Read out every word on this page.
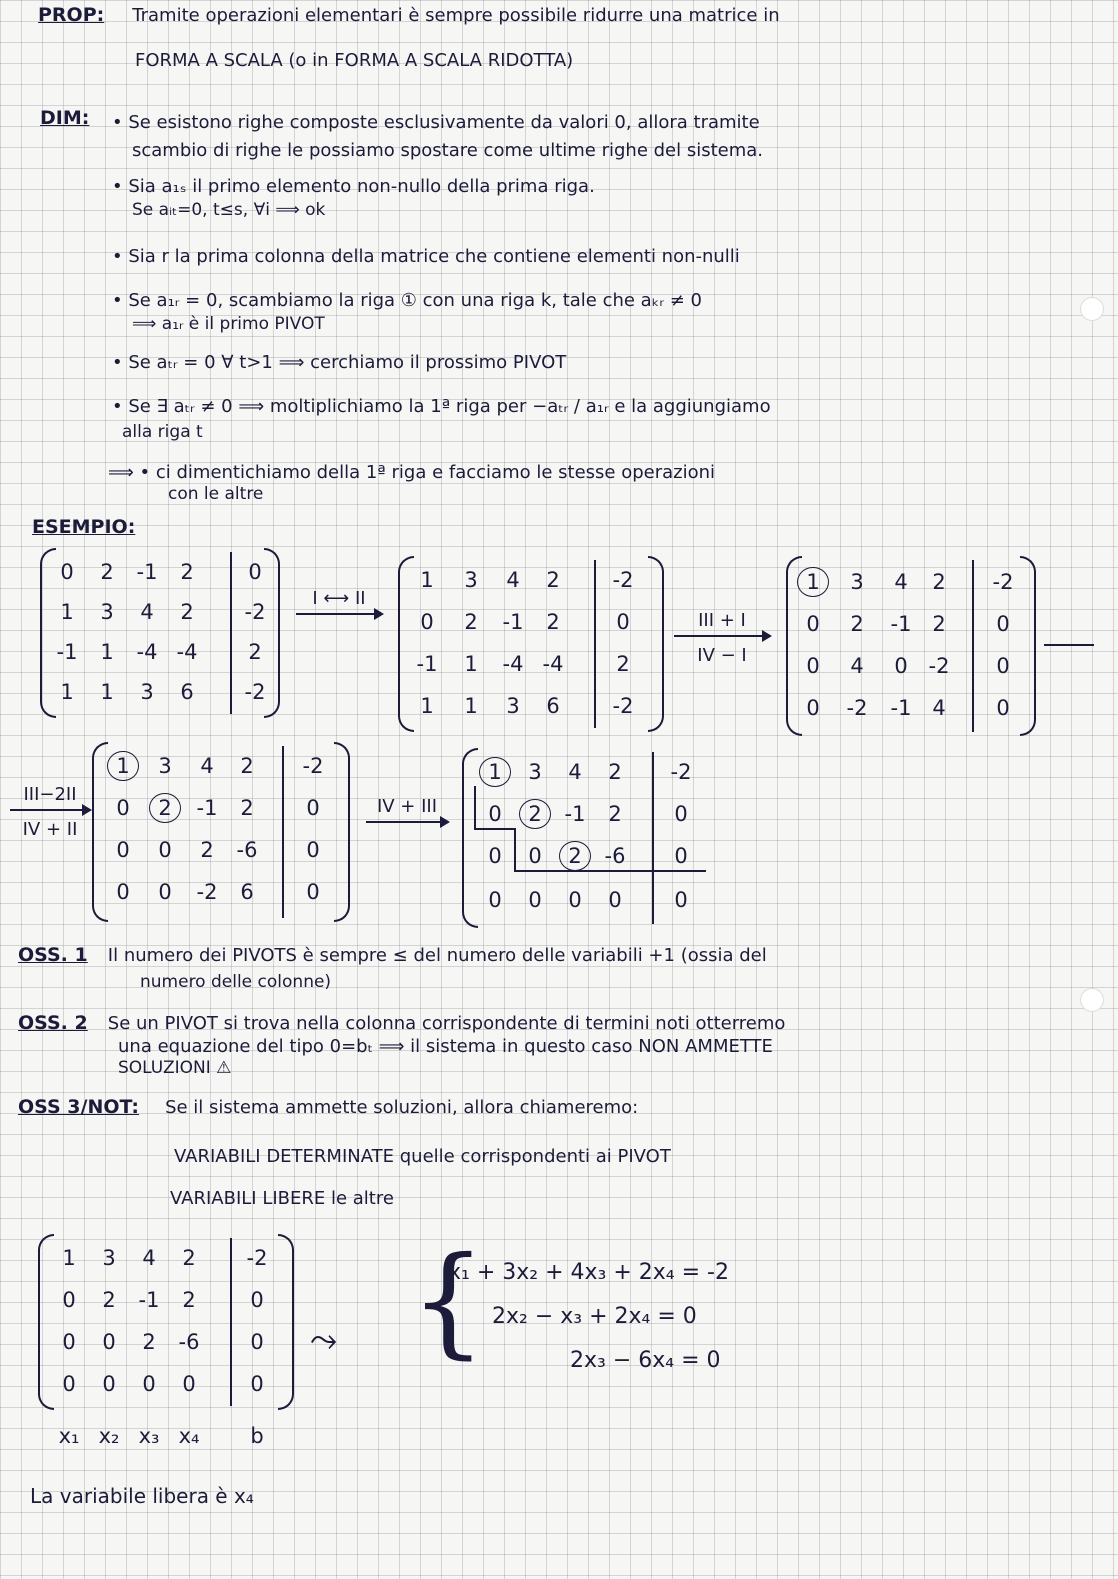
PROP: Tramite operazioni elementari è sempre possibile ridurre una matrice in
FORMA A SCALA (o in FORMA A SCALA RIDOTTA)
DIM: • Se esistono righe composte esclusivamente da valori 0, allora tramite
scambio di righe le possiamo spostare come ultime righe del sistema.
• Sia a₁ₛ il primo elemento non-nullo della prima riga.
Se aᵢₜ=0, t≤s, ∀i ⟹ ok
• Sia r la prima colonna della matrice che contiene elementi non-nulli
• Se a₁ᵣ = 0, scambiamo la riga ① con una riga k, tale che aₖᵣ ≠ 0
⟹ a₁ᵣ è il primo PIVOT
• Se aₜᵣ = 0 ∀ t>1 ⟹ cerchiamo il prossimo PIVOT
• Se ∃ aₜᵣ ≠ 0 ⟹ moltiplichiamo la 1ª riga per −aₜᵣ / a₁ᵣ e la aggiungiamo
alla riga t
⟹ • ci dimentichiamo della 1ª riga e facciamo le stesse operazioni
con le altre
ESEMPIO:
0	2	-1	2	0
1	3	4	2	-2
-1	1	-4 -4	2
1	1	3	6	-2
I ⟷ II
1	3	4	2	-2
0	2	-1	2	0
-1	1	-4 -4	2
1	1	3	6	-2
III + I
IV − I
1	3	4	2	-2
0	2	-1 2	0
0	4	0 -2	0
0	-2	-1 4	0
III−2II
IV + II
1	3	4	2	-2
0	2	-1	2	0
0	0	2	-6	0
0	0	-2	6	0
IV + III
1	3	4	2	-2
0	2	-1	2	0
0	0	2	-6	0
0	0	0	0	0
OSS. 1 Il numero dei PIVOTS è sempre ≤ del numero delle variabili +1 (ossia del
numero delle colonne)
OSS. 2 Se un PIVOT si trova nella colonna corrispondente di termini noti otterremo
una equazione del tipo 0=bₜ ⟹ il sistema in questo caso NON AMMETTE
SOLUZIONI ⚠
OSS 3/NOT: Se il sistema ammette soluzioni, allora chiameremo:
VARIABILI DETERMINATE quelle corrispondenti ai PIVOT
VARIABILI LIBERE le altre
1	3	4	2	-2
0	2	-1	2	0
0	0	2	-6	0
0	0	0	0	0
x₁ x₂ x₃ x₄	b
⤳ {
x₁ + 3x₂ + 4x₃ + 2x₄ = -2
2x₂ − x₃ + 2x₄ = 0
2x₃ − 6x₄ = 0
La variabile libera è x₄
